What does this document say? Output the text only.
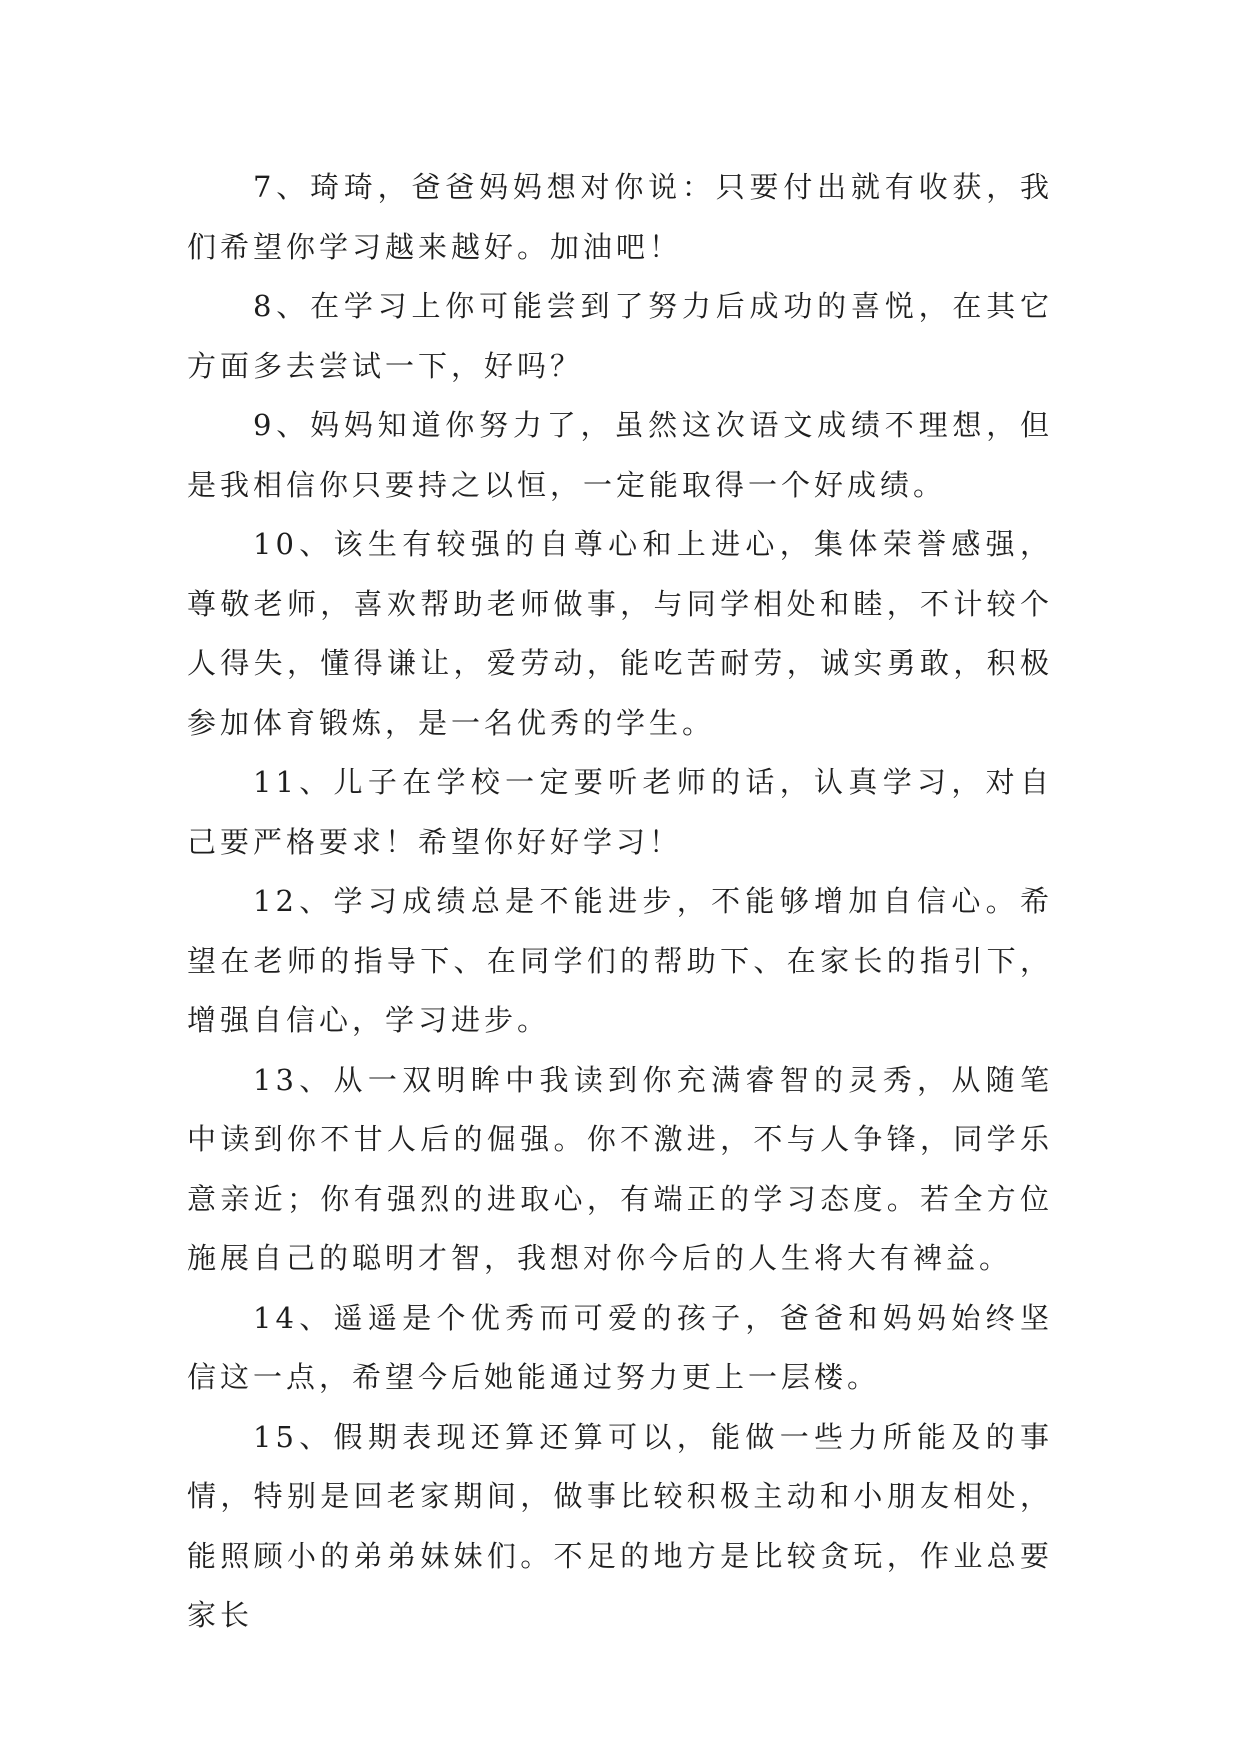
7、琦琦，爸爸妈妈想对你说：只要付出就有收获，我们希望你学习越来越好。加油吧！

8、在学习上你可能尝到了努力后成功的喜悦，在其它方面多去尝试一下，好吗？

9、妈妈知道你努力了，虽然这次语文成绩不理想，但是我相信你只要持之以恒，一定能取得一个好成绩。

10、该生有较强的自尊心和上进心，集体荣誉感强，尊敬老师，喜欢帮助老师做事，与同学相处和睦，不计较个人得失，懂得谦让，爱劳动，能吃苦耐劳，诚实勇敢，积极参加体育锻炼，是一名优秀的学生。

11、儿子在学校一定要听老师的话，认真学习，对自己要严格要求！希望你好好学习！

12、学习成绩总是不能进步，不能够增加自信心。希望在老师的指导下、在同学们的帮助下、在家长的指引下，增强自信心，学习进步。

13、从一双明眸中我读到你充满睿智的灵秀，从随笔中读到你不甘人后的倔强。你不激进，不与人争锋，同学乐意亲近；你有强烈的进取心，有端正的学习态度。若全方位施展自己的聪明才智，我想对你今后的人生将大有裨益。

14、遥遥是个优秀而可爱的孩子，爸爸和妈妈始终坚信这一点，希望今后她能通过努力更上一层楼。

15、假期表现还算还算可以，能做一些力所能及的事情，特别是回老家期间，做事比较积极主动和小朋友相处，能照顾小的弟弟妹妹们。不足的地方是比较贪玩，作业总要家长
